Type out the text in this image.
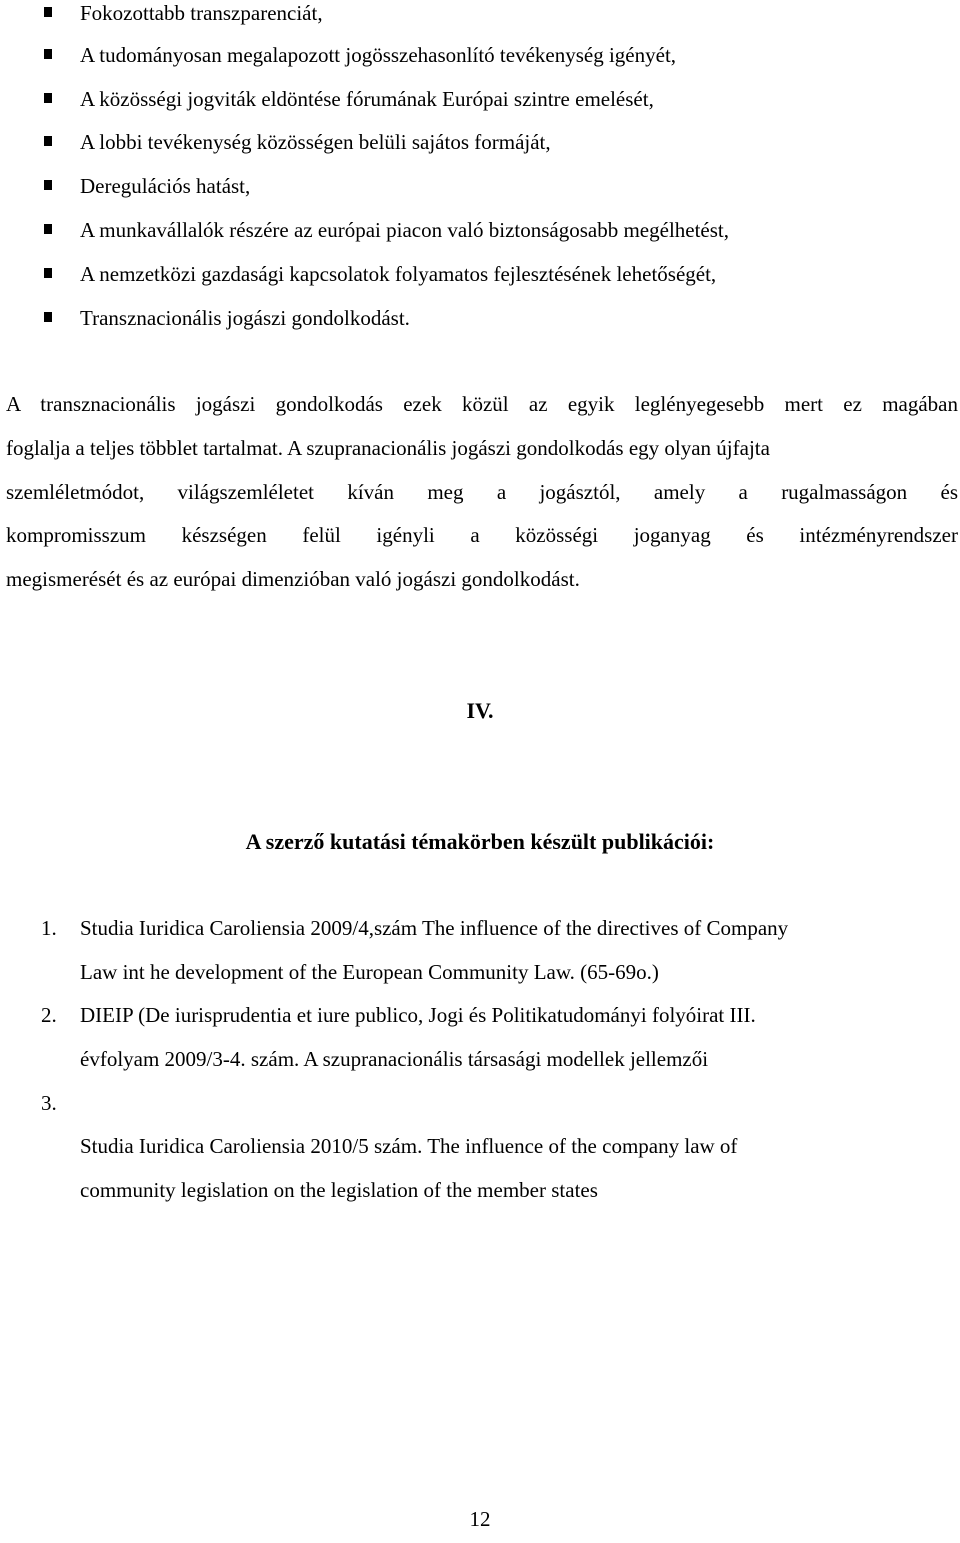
Fokozottabb transzparenciát,
A tudományosan megalapozott jogösszehasonlító tevékenység igényét,
A közösségi jogviták eldöntése fórumának Európai szintre emelését,
A lobbi tevékenység közösségen belüli sajátos formáját,
Deregulációs hatást,
A munkavállalók részére az európai piacon való biztonságosabb megélhetést,
A nemzetközi gazdasági kapcsolatok folyamatos fejlesztésének lehetőségét,
Transznacionális jogászi gondolkodást.
A transznacionális jogászi gondolkodás ezek közül az egyik leglényegesebb mert ez magában
foglalja a teljes többlet tartalmat. A szupranacionális jogászi gondolkodás egy olyan újfajta
szemléletmódot, világszemléletet kíván meg a jogásztól, amely a rugalmasságon és
kompromisszum készségen felül igényli a közösségi joganyag és intézményrendszer
megismerését és az európai dimenzióban való jogászi gondolkodást.
IV.
A szerző kutatási témakörben készült publikációi:
1. Studia Iuridica Caroliensia 2009/4,szám The influence of the directives of Company
Law int he development of the European Community Law. (65-69o.)
2. DIEIP (De iurisprudentia et iure publico, Jogi és Politikatudományi folyóirat III.
évfolyam 2009/3-4. szám. A szupranacionális társasági modellek jellemzői
3.
Studia Iuridica Caroliensia 2010/5 szám. The influence of the company law of
community legislation on the legislation of the member states
12
